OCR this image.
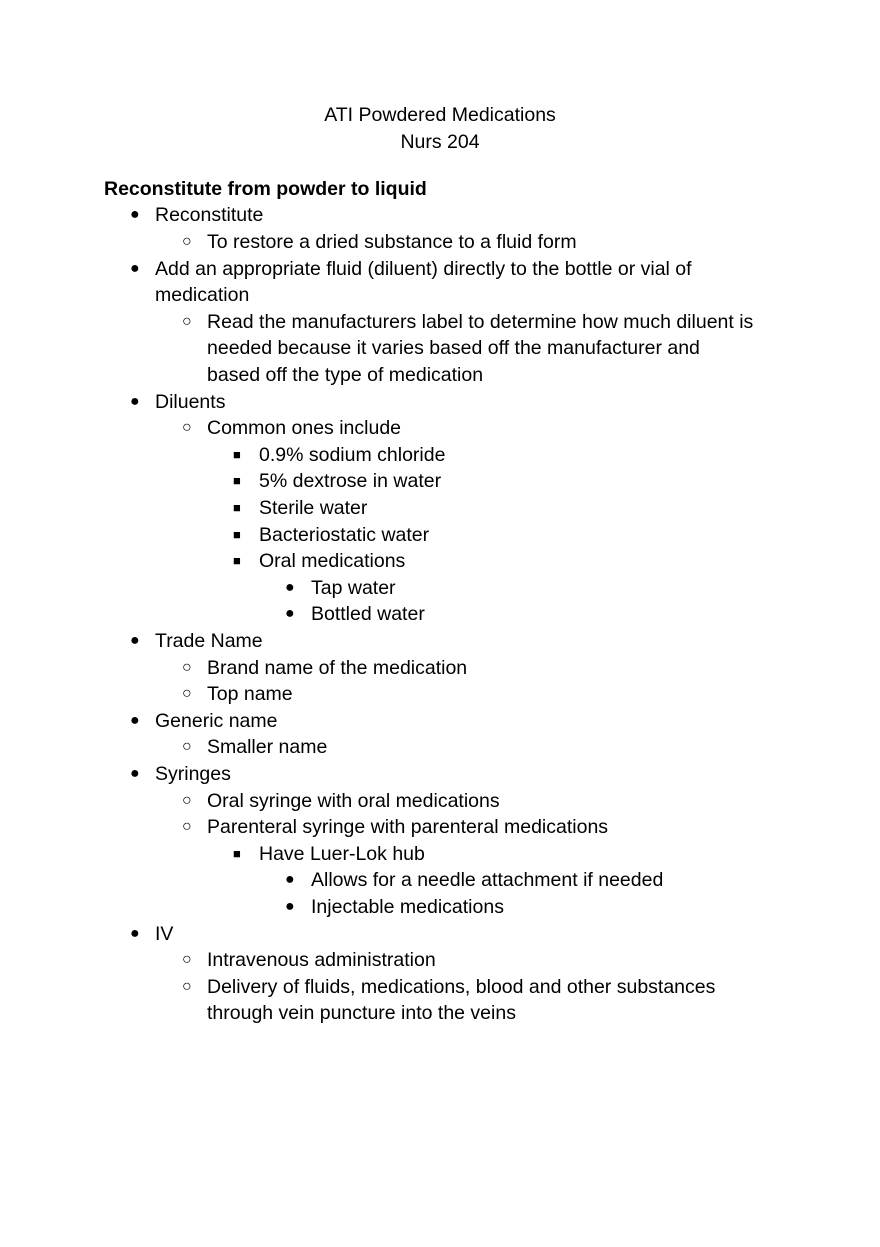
ATI Powdered Medications
Nurs 204
Reconstitute from powder to liquid
● Reconstitute
○ To restore a dried substance to a fluid form
● Add an appropriate fluid (diluent) directly to the bottle or vial of
medication
○ Read the manufacturers label to determine how much diluent is
needed because it varies based off the manufacturer and
based off the type of medication
● Diluents
○ Common ones include
■ 0.9% sodium chloride
■ 5% dextrose in water
■ Sterile water
■ Bacteriostatic water
■ Oral medications
● Tap water
● Bottled water
● Trade Name
○ Brand name of the medication
○ Top name
● Generic name
○ Smaller name
● Syringes
○ Oral syringe with oral medications
○ Parenteral syringe with parenteral medications
■ Have Luer-Lok hub
● Allows for a needle attachment if needed
● Injectable medications
● IV
○ Intravenous administration
○ Delivery of fluids, medications, blood and other substances
through vein puncture into the veins
